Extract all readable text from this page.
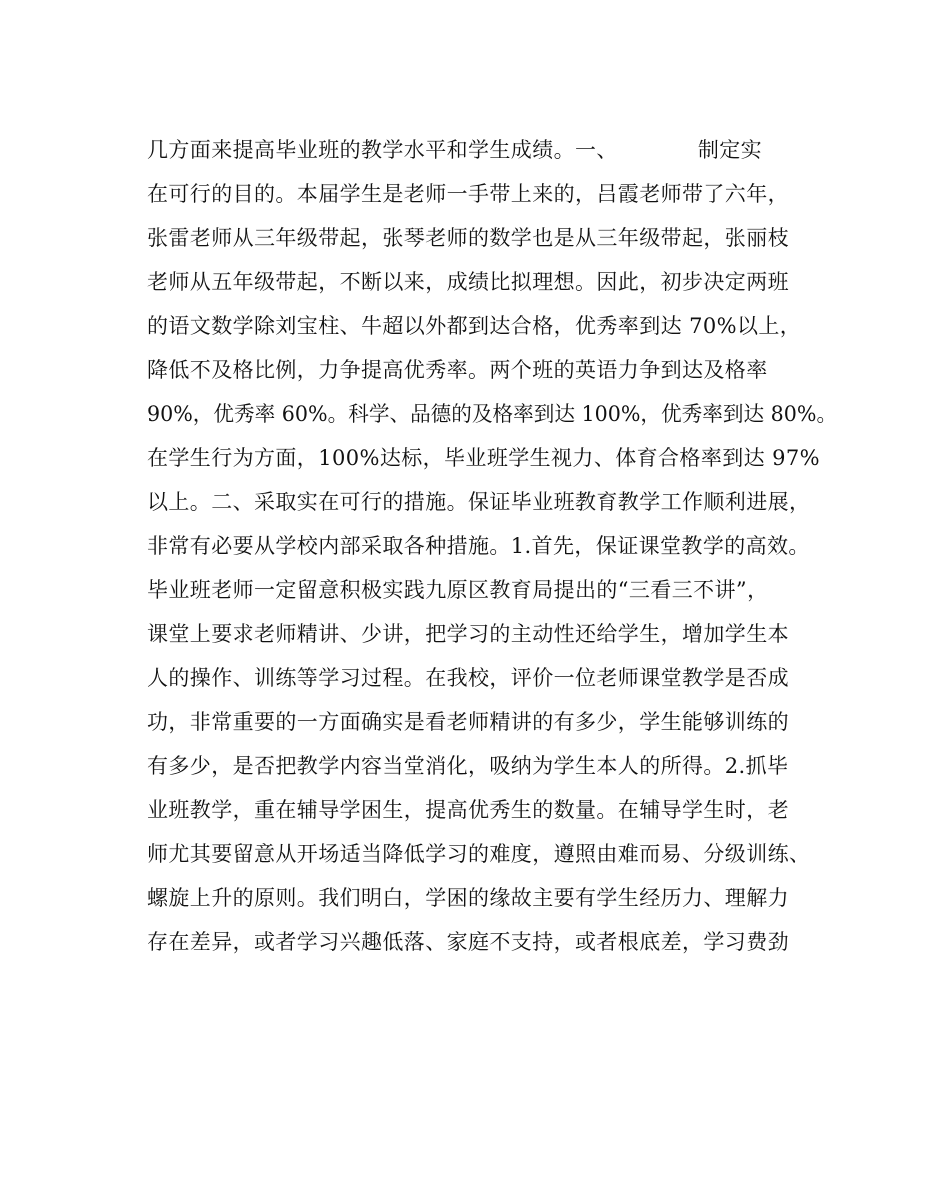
几方面来提高毕业班的教学水平和学生成绩。一、	制定实
在可行的目的。本届学生是老师一手带上来的，吕霞老师带了六年，
张雷老师从三年级带起，张琴老师的数学也是从三年级带起，张丽枝
老师从五年级带起，不断以来，成绩比拟理想。因此，初步决定两班
的语文数学除刘宝柱、牛超以外都到达合格，优秀率到达 70%以上，
降低不及格比例，力争提高优秀率。两个班的英语力争到达及格率
90%，优秀率 60%。科学、品德的及格率到达 100%，优秀率到达 80%。
在学生行为方面，100%达标，毕业班学生视力、体育合格率到达 97%
以上。二、采取实在可行的措施。保证毕业班教育教学工作顺利进展，
非常有必要从学校内部采取各种措施。1.首先，保证课堂教学的高效。
毕业班老师一定留意积极实践九原区教育局提出的“三看三不讲”，
课堂上要求老师精讲、少讲，把学习的主动性还给学生，增加学生本
人的操作、训练等学习过程。在我校，评价一位老师课堂教学是否成
功，非常重要的一方面确实是看老师精讲的有多少，学生能够训练的
有多少，是否把教学内容当堂消化，吸纳为学生本人的所得。2.抓毕
业班教学，重在辅导学困生，提高优秀生的数量。在辅导学生时，老
师尤其要留意从开场适当降低学习的难度，遵照由难而易、分级训练、
螺旋上升的原则。我们明白，学困的缘故主要有学生经历力、理解力
存在差异，或者学习兴趣低落、家庭不支持，或者根底差，学习费劲
